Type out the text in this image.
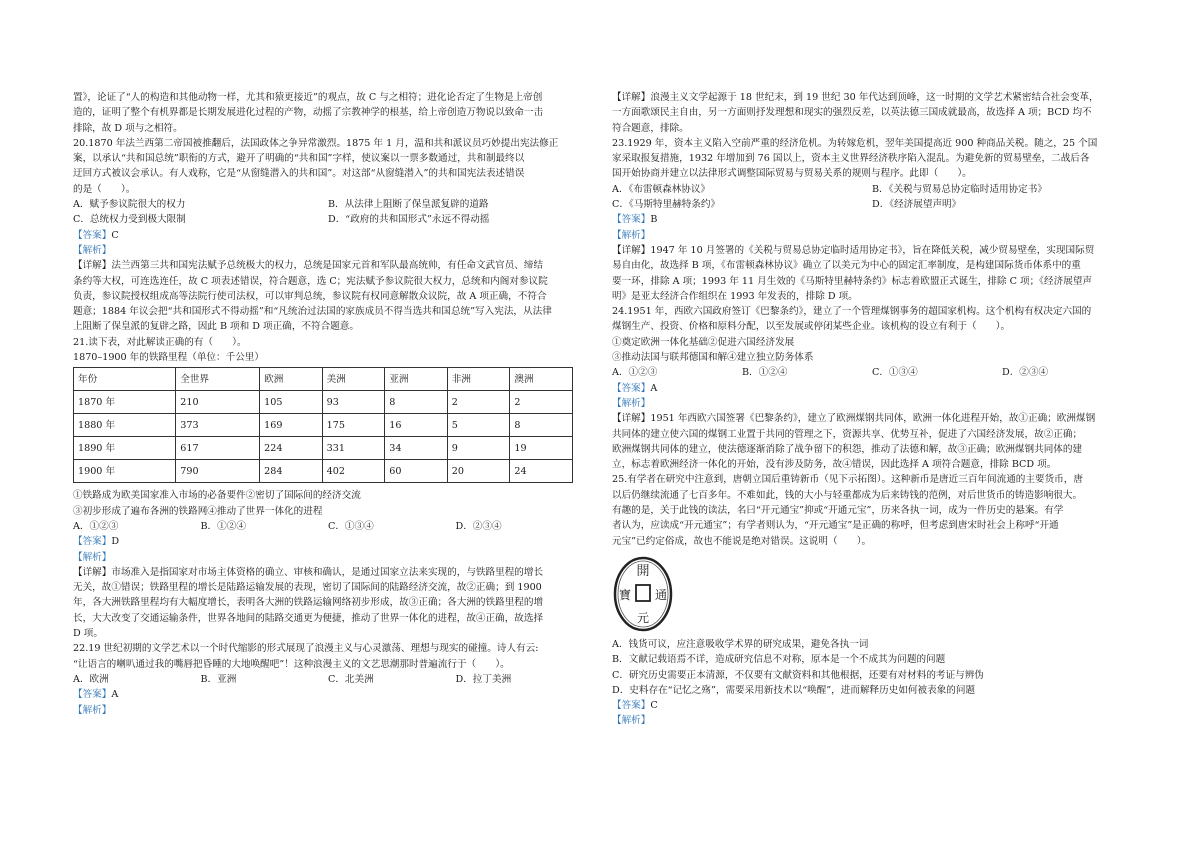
置》，论证了“人的构造和其他动物一样，尤其和猿更接近”的观点，故 C 与之相符；进化论否定了生物是上帝创

造的，证明了整个有机界都是长期发展进化过程的产物，动摇了宗教神学的根基，给上帝创造万物说以致命一击

排除，故 D 项与之相符。

20.1870 年法兰西第二帝国被推翻后，法国政体之争异常激烈。1875 年 1 月，温和共和派议员巧妙提出宪法修正

案，以承认“共和国总统”职衔的方式，避开了明确的“共和国”字样，使议案以一票多数通过，共和制最终以

迂回方式被议会承认。有人戏称，它是“从窗缝潜入的共和国”。对这部“从窗缝潜入”的共和国宪法表述错误

的是（　　）。

A．赋予参议院很大的权力	B．从法律上阻断了保皇派复辟的道路
C．总统权力受到极大限制	D．“政府的共和国形式”永远不得动摇

【答案】C

【解析】

【详解】法兰西第三共和国宪法赋予总统极大的权力，总统是国家元首和军队最高统帅，有任命文武官员、缔结

条约等大权，可连选连任，故 C 项表述错误，符合题意，选 C；宪法赋予参议院很大权力，总统和内阁对参议院

负责，参议院授权组成高等法院行使司法权，可以审判总统，参议院有权同意解散众议院，故 A 项正确，不符合

题意；1884 年议会把“共和国形式不得动摇”和“凡统治过法国的家族成员不得当选共和国总统”写入宪法，从法律

上阻断了保皇派的复辟之路，因此 B 项和 D 项正确，不符合题意。

21.读下表，对此解读正确的有（　　）。

1870–1900 年的铁路里程（单位：千公里）

年份	全世界	欧洲	美洲	亚洲	非洲	澳洲
1870 年	210	105	93	8	2	2
1880 年	373	169	175	16	5	8
1890 年	617	224	331	34	9	19
1900 年	790	284	402	60	20	24

①铁路成为欧美国家准入市场的必备要件②密切了国际间的经济交流

③初步形成了遍布各洲的铁路网④推动了世界一体化的进程

A．①②③	B．①②④	C．①③④	D．②③④

【答案】D

【解析】

【详解】市场准入是指国家对市场主体资格的确立、审核和确认，是通过国家立法来实现的，与铁路里程的增长

无关，故①错误；铁路里程的增长是陆路运输发展的表现，密切了国际间的陆路经济交流，故②正确；到 1900

年，各大洲铁路里程均有大幅度增长，表明各大洲的铁路运输网络初步形成，故③正确；各大洲的铁路里程的增

长，大大改变了交通运输条件，世界各地间的陆路交通更为便捷，推动了世界一体化的进程，故④正确，故选择

D 项。

22.19 世纪初期的文学艺术以一个时代缩影的形式展现了浪漫主义与心灵激荡、理想与现实的碰撞。诗人有云:

“让语言的喇叭通过我的嘴唇把昏睡的大地唤醒吧”！这种浪漫主义的文艺思潮那时普遍流行于（　　）。

A．欧洲	B．亚洲	C．北美洲	D．拉丁美洲

【答案】A

【解析】

【详解】浪漫主义文学起源于 18 世纪末，到 19 世纪 30 年代达到顶峰，这一时期的文学艺术紧密结合社会变革，

一方面歌颂民主自由，另一方面则抒发理想和现实的强烈反差，以英法德三国成就最高，故选择 A 项；BCD 均不

符合题意，排除。

23.1929 年，资本主义陷入空前严重的经济危机。为转嫁危机，翌年美国提高近 900 种商品关税。随之，25 个国

家采取报复措施，1932 年增加到 76 国以上，资本主义世界经济秩序陷入混乱。为避免新的贸易壁垒，二战后各

国开始协商并建立以法律形式调整国际贸易与贸易关系的规则与程序。此即（　　）。

A．《布雷顿森林协议》	B．《关税与贸易总协定临时适用协定书》
C．《马斯特里赫特条约》	D．《经济展望声明》

【答案】B

【解析】

【详解】1947 年 10 月签署的《关税与贸易总协定临时适用协定书》，旨在降低关税，减少贸易壁垒，实现国际贸

易自由化，故选择 B 项，《布雷顿森林协议》确立了以美元为中心的固定汇率制度，是构建国际货币体系中的重

要一环，排除 A 项；1993 年 11 月生效的《马斯特里赫特条约》标志着欧盟正式诞生，排除 C 项；《经济展望声

明》是亚太经济合作组织在 1993 年发表的，排除 D 项。

24.1951 年，西欧六国政府签订《巴黎条约》，建立了一个管理煤钢事务的超国家机构。这个机构有权决定六国的

煤钢生产、投资、价格和原料分配，以至发展或停闭某些企业。该机构的设立有利于（　　）。

①奠定欧洲一体化基础②促进六国经济发展

③推动法国与联邦德国和解④建立独立防务体系

A．①②③	B．①②④	C．①③④	D．②③④

【答案】A

【解析】

【详解】1951 年西欧六国签署《巴黎条约》，建立了欧洲煤钢共同体，欧洲一体化进程开始，故①正确；欧洲煤钢

共同体的建立使六国的煤钢工业置于共同的管理之下，资源共享、优势互补，促进了六国经济发展，故②正确；

欧洲煤钢共同体的建立，使法德逐渐消除了战争留下的积怨，推动了法德和解，故③正确；欧洲煤钢共同体的建

立，标志着欧洲经济一体化的开始，没有涉及防务，故④错误，因此选择 A 项符合题意，排除 BCD 项。

25.有学者在研究中注意到，唐朝立国后重铸新币（见下示拓图）。这种新币是唐近三百年间流通的主要货币，唐

以后仍继续流通了七百多年。不难如此，钱的大小与轻重都成为后来铸钱的范例，对后世货币的铸造影响很大。

有趣的是，关于此钱的读法，名曰“开元通宝”抑或“开通元宝”，历来各执一词，成为一件历史的悬案。有学

者认为，应读成“开元通宝”；有学者则认为，“开元通宝”是正确的称呼，但考虑到唐宋时社会上称呼“开通

元宝”已约定俗成，故也不能说是绝对错误。这说明（　　）。

開
通
元
寶

A．钱货可议，应注意吸收学术界的研究成果，避免各执一词

B．文献记载语焉不详，造成研究信息不对称，原本是一个不成其为问题的问题

C．研究历史需要正本清源，不仅要有文献资料和其他根据，还要有对材料的考证与辨伪

D．史料存在“记忆之殇”，需要采用新技术以“唤醒”，进而解释历史如何被表象的问题

【答案】C

【解析】
